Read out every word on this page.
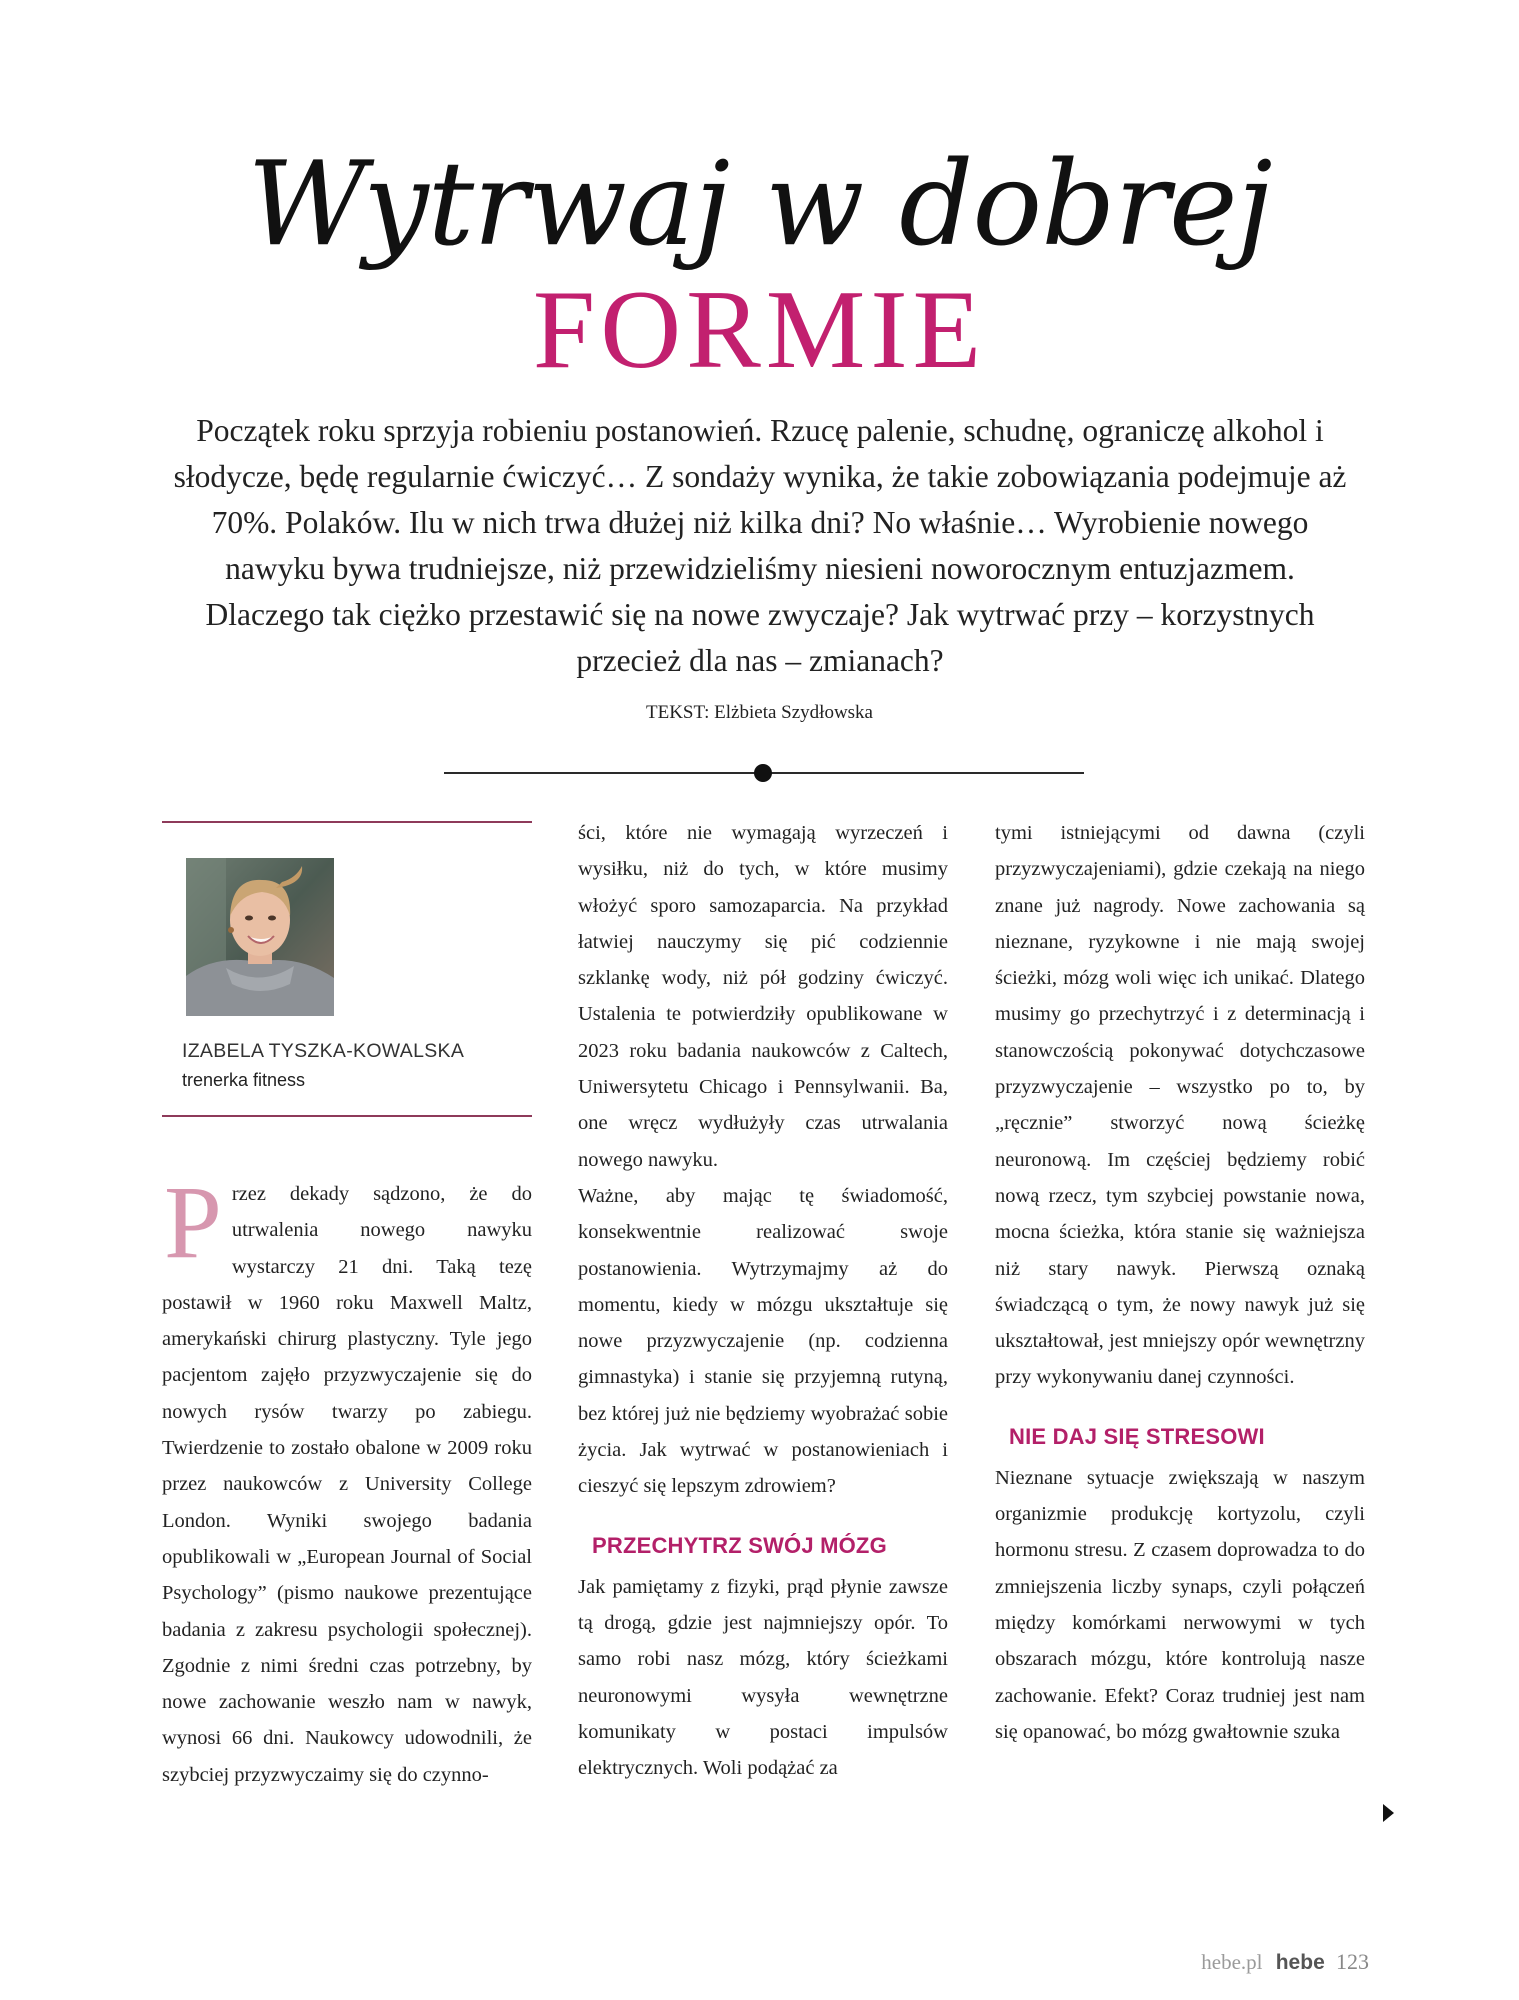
Wytrwaj w dobrej
FORMIE
Początek roku sprzyja robieniu postanowień. Rzucę palenie, schudnę, ograniczę alkohol i słodycze, będę regularnie ćwiczyć… Z sondaży wynika, że takie zobowiązania podejmuje aż 70%. Polaków. Ilu w nich trwa dłużej niż kilka dni? No właśnie… Wyrobienie nowego nawyku bywa trudniejsze, niż przewidzieliśmy niesieni noworocznym entuzjazmem. Dlaczego tak ciężko przestawić się na nowe zwyczaje? Jak wytrwać przy – korzystnych przecież dla nas – zmianach?
TEKST: Elżbieta Szydłowska
IZABELA TYSZKA-KOWALSKA
trenerka fitness
P rzez dekady sądzono, że do utrwalenia nowego nawyku wystarczy 21 dni. Taką tezę postawił w 1960 roku Maxwell Maltz, amerykański chirurg plastyczny. Tyle jego pacjentom zajęło przyzwyczajenie się do nowych rysów twarzy po zabiegu. Twierdzenie to zostało obalone w 2009 roku przez naukowców z University College London. Wyniki swojego badania opublikowali w „European Journal of Social Psychology” (pismo naukowe prezentujące badania z zakresu psychologii społecznej). Zgodnie z nimi średni czas potrzebny, by nowe zachowanie weszło nam w nawyk, wynosi 66 dni. Naukowcy udowodnili, że szybciej przyzwyczaimy się do czynno-

ści, które nie wymagają wyrzeczeń i wysiłku, niż do tych, w które musimy włożyć sporo samozaparcia. Na przykład łatwiej nauczymy się pić codziennie szklankę wody, niż pół godziny ćwiczyć. Ustalenia te potwierdziły opublikowane w 2023 roku badania naukowców z Caltech, Uniwersytetu Chicago i Pennsylwanii. Ba, one wręcz wydłużyły czas utrwalania nowego nawyku.

Ważne, aby mając tę świadomość, konsekwentnie realizować swoje postanowienia. Wytrzymajmy aż do momentu, kiedy w mózgu ukształtuje się nowe przyzwyczajenie (np. codzienna gimnastyka) i stanie się przyjemną rutyną, bez której już nie będziemy wyobrażać sobie życia. Jak wytrwać w postanowieniach i cieszyć się lepszym zdrowiem?

PRZECHYTRZ SWÓJ MÓZG

Jak pamiętamy z fizyki, prąd płynie zawsze tą drogą, gdzie jest najmniejszy opór. To samo robi nasz mózg, który ścieżkami neuronowymi wysyła wewnętrzne komunikaty w postaci impulsów elektrycznych. Woli podążać za

tymi istniejącymi od dawna (czyli przyzwyczajeniami), gdzie czekają na niego znane już nagrody. Nowe zachowania są nieznane, ryzykowne i nie mają swojej ścieżki, mózg woli więc ich unikać. Dlatego musimy go przechytrzyć i z determinacją i stanowczością pokonywać dotychczasowe przyzwyczajenie – wszystko po to, by „ręcznie” stworzyć nową ścieżkę neuronową. Im częściej będziemy robić nową rzecz, tym szybciej powstanie nowa, mocna ścieżka, która stanie się ważniejsza niż stary nawyk. Pierwszą oznaką świadczącą o tym, że nowy nawyk już się ukształtował, jest mniejszy opór wewnętrzny przy wykonywaniu danej czynności.

NIE DAJ SIĘ STRESOWI

Nieznane sytuacje zwiększają w naszym organizmie produkcję kortyzolu, czyli hormonu stresu. Z czasem doprowadza to do zmniejszenia liczby synaps, czyli połączeń między komórkami nerwowymi w tych obszarach mózgu, które kontrolują nasze zachowanie. Efekt? Coraz trudniej jest nam się opanować, bo mózg gwałtownie szuka

hebe.pl hebe 123
